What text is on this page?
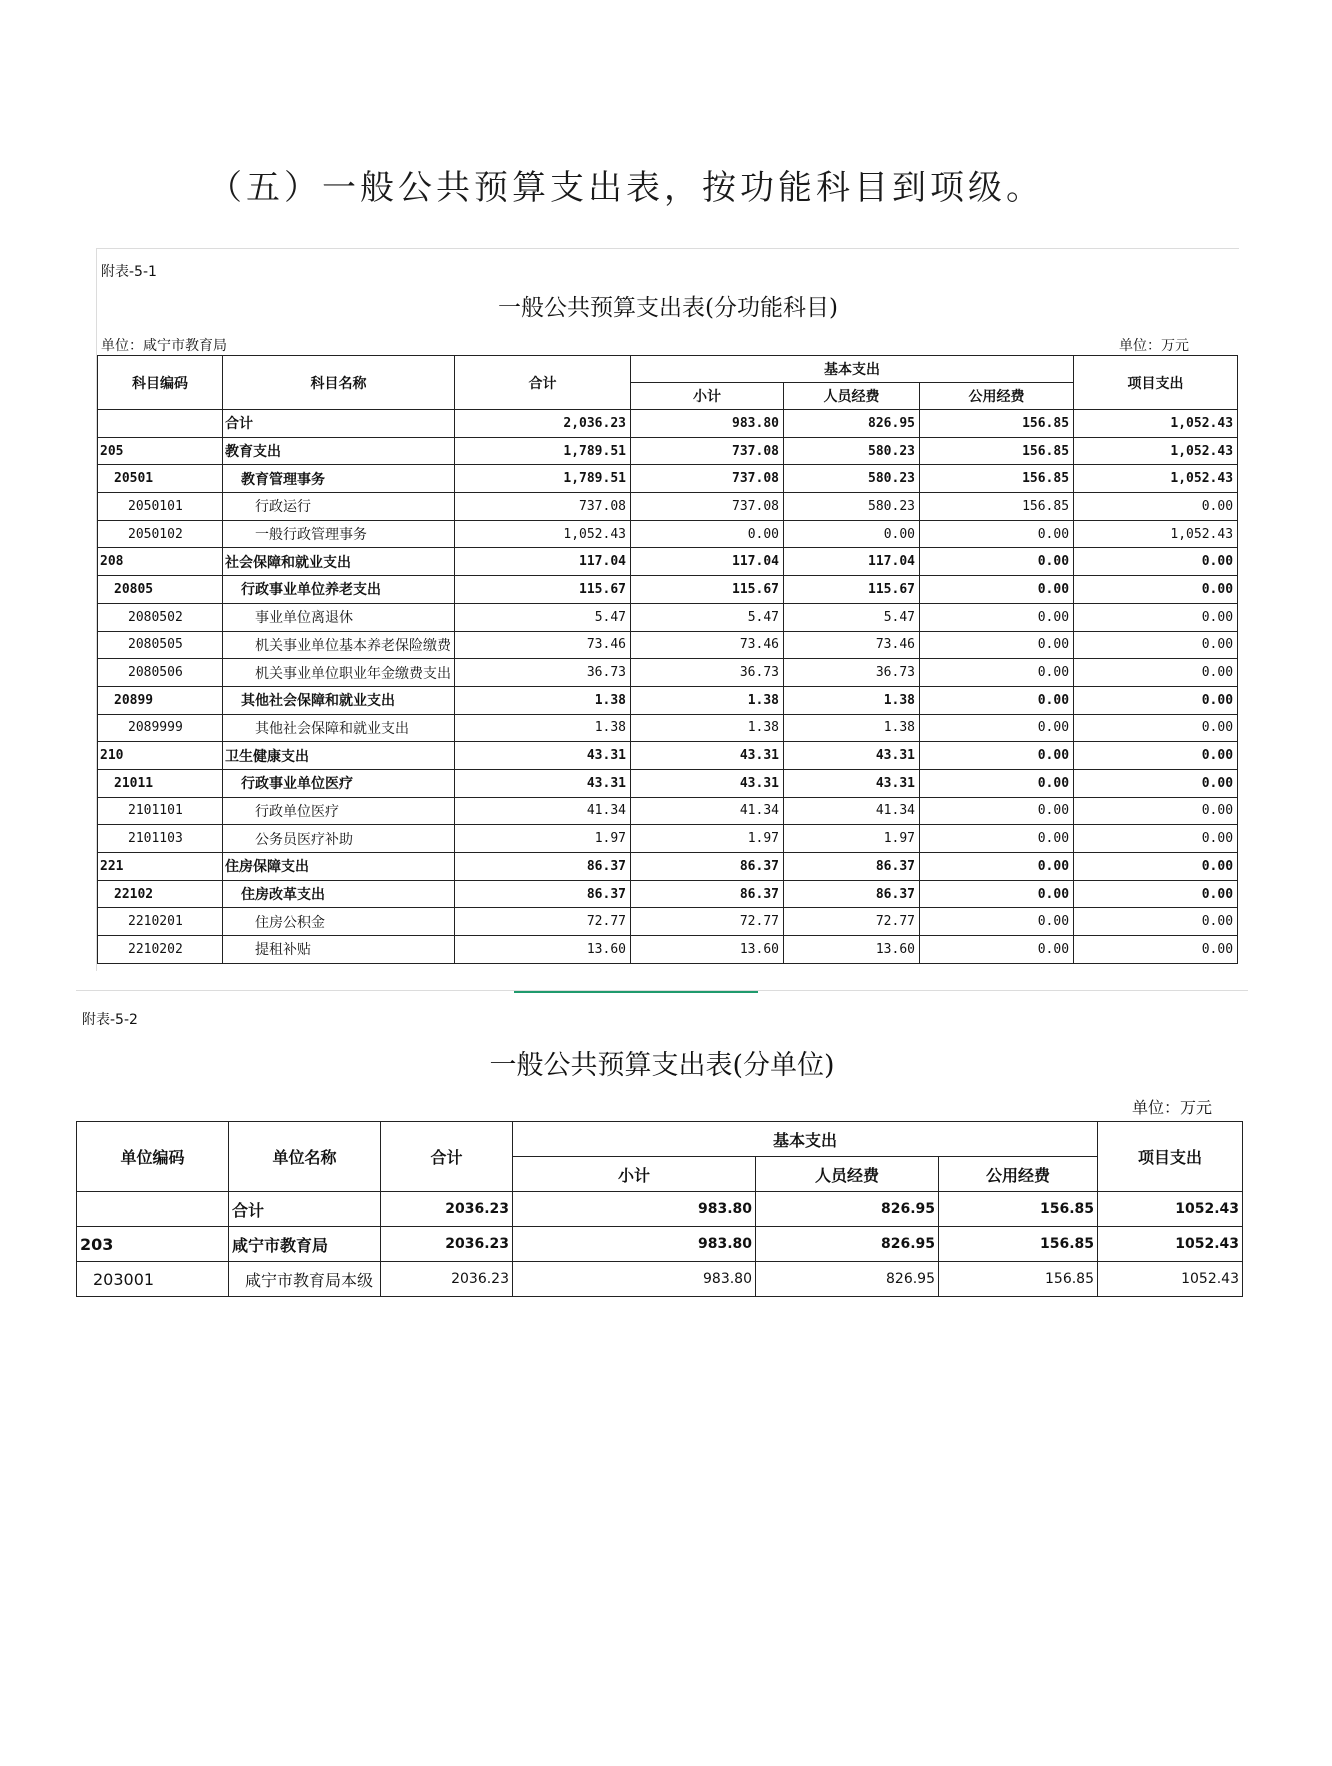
（五）一般公共预算支出表，按功能科目到项级。
附表-5-1
一般公共预算支出表(分功能科目)
单位：咸宁市教育局	单位：万元
科目编码	科目名称	合计	基本支出			项目支出
			小计	人员经费	公用经费	
	合计	2,036.23	983.80	826.95	156.85	1,052.43
205	教育支出	1,789.51	737.08	580.23	156.85	1,052.43
20501	教育管理事务	1,789.51	737.08	580.23	156.85	1,052.43
2050101	行政运行	737.08	737.08	580.23	156.85	0.00
2050102	一般行政管理事务	1,052.43	0.00	0.00	0.00	1,052.43
208	社会保障和就业支出	117.04	117.04	117.04	0.00	0.00
20805	行政事业单位养老支出	115.67	115.67	115.67	0.00	0.00
2080502	事业单位离退休	5.47	5.47	5.47	0.00	0.00
2080505	机关事业单位基本养老保险缴费	73.46	73.46	73.46	0.00	0.00
2080506	机关事业单位职业年金缴费支出	36.73	36.73	36.73	0.00	0.00
20899	其他社会保障和就业支出	1.38	1.38	1.38	0.00	0.00
2089999	其他社会保障和就业支出	1.38	1.38	1.38	0.00	0.00
210	卫生健康支出	43.31	43.31	43.31	0.00	0.00
21011	行政事业单位医疗	43.31	43.31	43.31	0.00	0.00
2101101	行政单位医疗	41.34	41.34	41.34	0.00	0.00
2101103	公务员医疗补助	1.97	1.97	1.97	0.00	0.00
221	住房保障支出	86.37	86.37	86.37	0.00	0.00
22102	住房改革支出	86.37	86.37	86.37	0.00	0.00
2210201	住房公积金	72.77	72.77	72.77	0.00	0.00
2210202	提租补贴	13.60	13.60	13.60	0.00	0.00
附表-5-2
一般公共预算支出表(分单位)
单位：万元
单位编码	单位名称	合计	基本支出			项目支出
			小计	人员经费	公用经费	
	合计	2036.23	983.80	826.95	156.85	1052.43
203	咸宁市教育局	2036.23	983.80	826.95	156.85	1052.43
203001	咸宁市教育局本级	2036.23	983.80	826.95	156.85	1052.43
